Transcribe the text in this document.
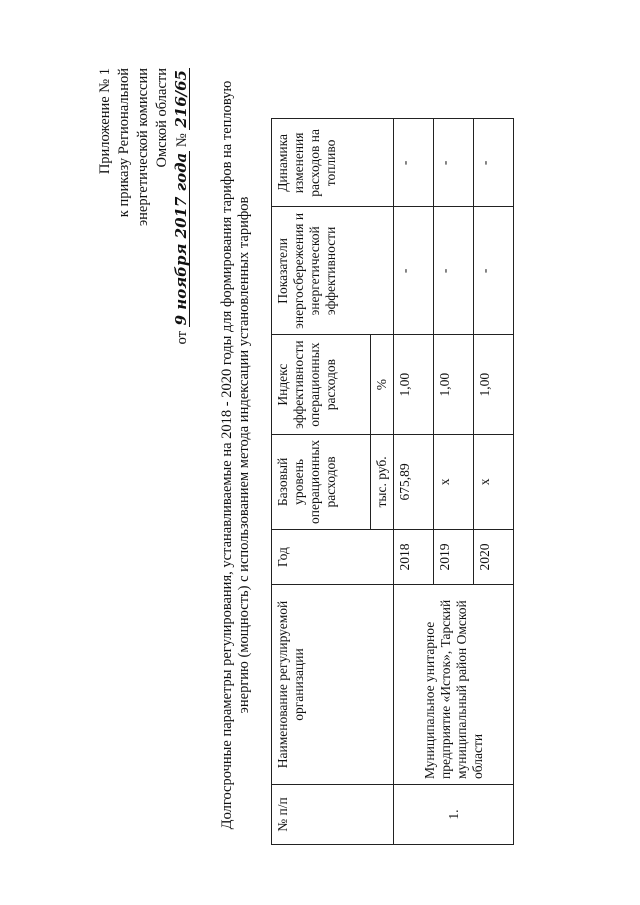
Приложение № 1 к приказу Региональной энергетической комиссии Омской области
от 9 ноября 2017 года № 216/65 Долгосрочные параметры регулирования, устанавливаемые на 2018 - 2020 годы для формирования тарифов на тепловую энергию (мощность) с использованием метода индексации установленных тарифов
№ п/п	Наименование регулируемой организации	Год	Базовый уровень операционных расходов	Индекс эффективности операционных расходов	Показатели энергосбережения и энергетической эффективности	Динамика изменения расходов на топливо
			тыс. руб.	%		
1.	Муниципальное унитарное предприятие «Исток», Тарский муниципальный район Омской области	2018	675,89	1,00	-	-
		2019	x	1,00	-	-
		2020	x	1,00	-	-
